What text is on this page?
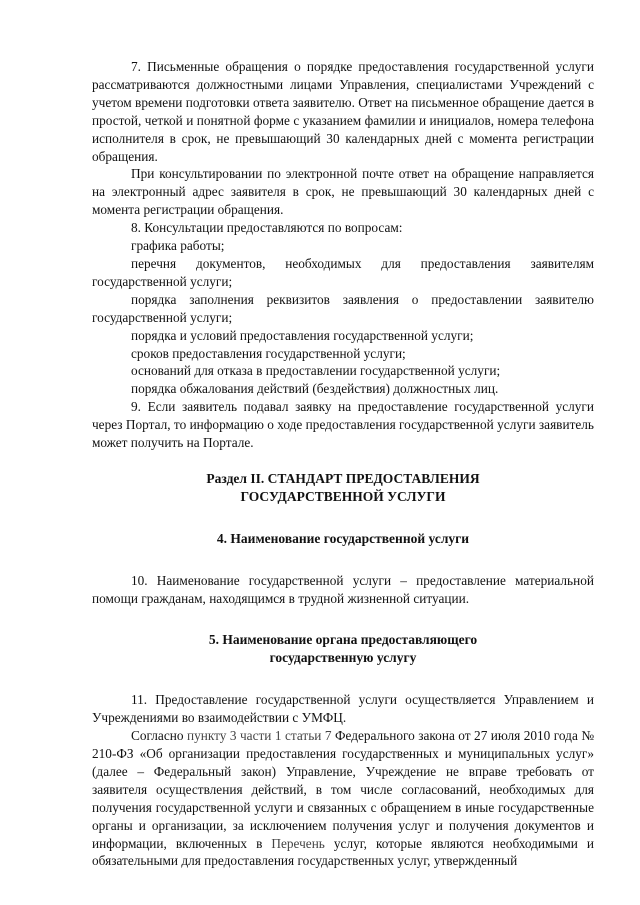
7. Письменные обращения о порядке предоставления государственной услуги рассматриваются должностными лицами Управления, специалистами Учреждений с учетом времени подготовки ответа заявителю. Ответ на письменное обращение дается в простой, четкой и понятной форме с указанием фамилии и инициалов, номера телефона исполнителя в срок, не превышающий 30 календарных дней с момента регистрации обращения.

При консультировании по электронной почте ответ на обращение направляется на электронный адрес заявителя в срок, не превышающий 30 календарных дней с момента регистрации обращения.

8. Консультации предоставляются по вопросам:

графика работы;

перечня документов, необходимых для предоставления заявителям государственной услуги;

порядка заполнения реквизитов заявления о предоставлении заявителю государственной услуги;

порядка и условий предоставления государственной услуги;

сроков предоставления государственной услуги;

оснований для отказа в предоставлении государственной услуги;

порядка обжалования действий (бездействия) должностных лиц.

9. Если заявитель подавал заявку на предоставление государственной услуги через Портал, то информацию о ходе предоставления государственной услуги заявитель может получить на Портале.

Раздел II. СТАНДАРТ ПРЕДОСТАВЛЕНИЯ

ГОСУДАРСТВЕННОЙ УСЛУГИ

4. Наименование государственной услуги

10. Наименование государственной услуги – предоставление материальной помощи гражданам, находящимся в трудной жизненной ситуации.

5. Наименование органа предоставляющего

государственную услугу

11. Предоставление государственной услуги осуществляется Управлением и Учреждениями во взаимодействии с УМФЦ.

Согласно пункту 3 части 1 статьи 7 Федерального закона от 27 июля 2010 года № 210-ФЗ «Об организации предоставления государственных и муниципальных услуг» (далее – Федеральный закон) Управление, Учреждение не вправе требовать от заявителя осуществления действий, в том числе согласований, необходимых для получения государственной услуги и связанных с обращением в иные государственные органы и организации, за исключением получения услуг и получения документов и информации, включенных в Перечень услуг, которые являются необходимыми и обязательными для предоставления государственных услуг, утвержденный
